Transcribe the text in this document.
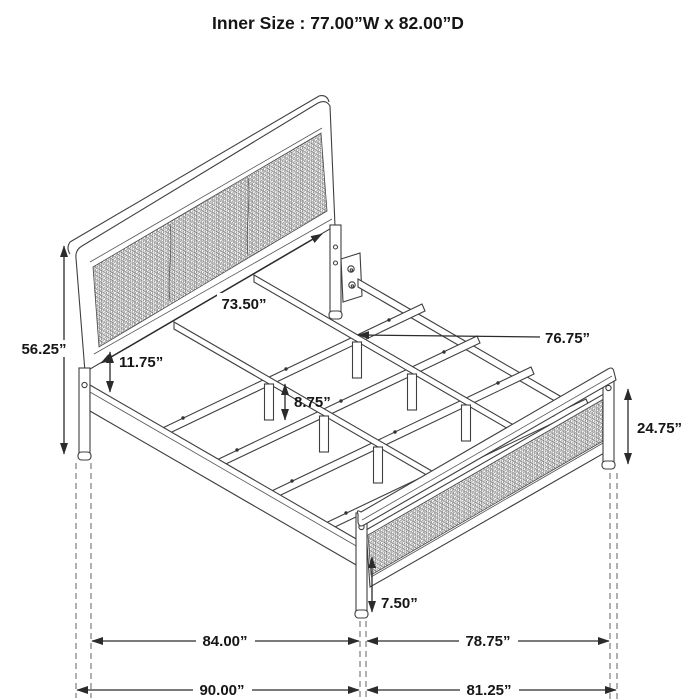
56.25”
73.50”
11.75”
8.75”
76.75”
24.75”
7.50”
84.00”	78.75”
90.00”	81.25”
Inner Size : 77.00”W x 82.00”D
